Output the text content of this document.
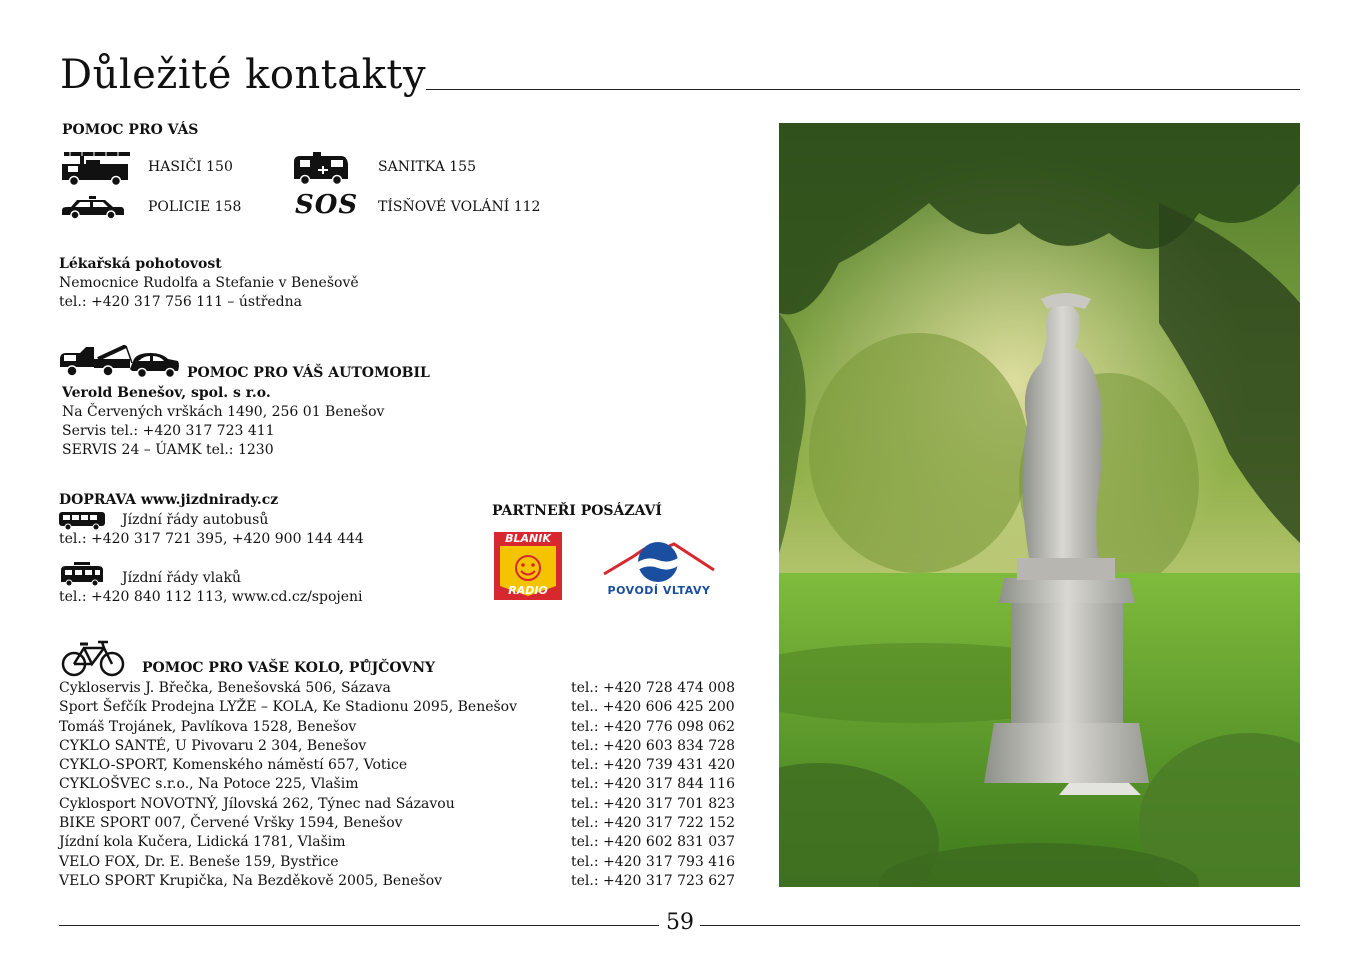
Důležité kontakty
POMOC PRO VÁS
HASIČI 150	SANITKA 155
POLICIE 158 SOS TÍSŇOVÉ VOLÁNÍ 112
Lékařská pohotovost
Nemocnice Rudolfa a Stefanie v Benešově
tel.: +420 317 756 111 – ústředna
POMOC PRO VÁŠ AUTOMOBIL
Verold Benešov, spol. s r.o.
Na Červených vrškách 1490, 256 01 Benešov
Servis tel.: +420 317 723 411
SERVIS 24 – ÚAMK tel.: 1230
DOPRAVA www.jizdnirady.cz
Jízdní řády autobusů
tel.: +420 317 721 395, +420 900 144 444
Jízdní řády vlaků
tel.: +420 840 112 113, www.cd.cz/spojeni
PARTNEŘI POSÁZAVÍ
BLANIK
RADIO	POVODÍ VLTAVY
POMOC PRO VAŠE KOLO, PŮJČOVNY
Cykloservis J. Břečka, Benešovská 506, Sázava	tel.: +420 728 474 008
Sport Šefčík Prodejna LYŽE – KOLA, Ke Stadionu 2095, Benešov	tel.. +420 606 425 200
Tomáš Trojánek, Pavlíkova 1528, Benešov	tel.: +420 776 098 062
CYKLO SANTÉ, U Pivovaru 2 304, Benešov	tel.: +420 603 834 728
CYKLO-SPORT, Komenského náměstí 657, Votice	tel.: +420 739 431 420
CYKLOŠVEC s.r.o., Na Potoce 225, Vlašim	tel.: +420 317 844 116
Cyklosport NOVOTNÝ, Jílovská 262, Týnec nad Sázavou	tel.: +420 317 701 823
BIKE SPORT 007, Červené Vršky 1594, Benešov	tel.: +420 317 722 152
Jízdní kola Kučera, Lidická 1781, Vlašim	tel.: +420 602 831 037
VELO FOX, Dr. E. Beneše 159, Bystřice	tel.: +420 317 793 416
VELO SPORT Krupička, Na Bezděkově 2005, Benešov	tel.: +420 317 723 627
59
